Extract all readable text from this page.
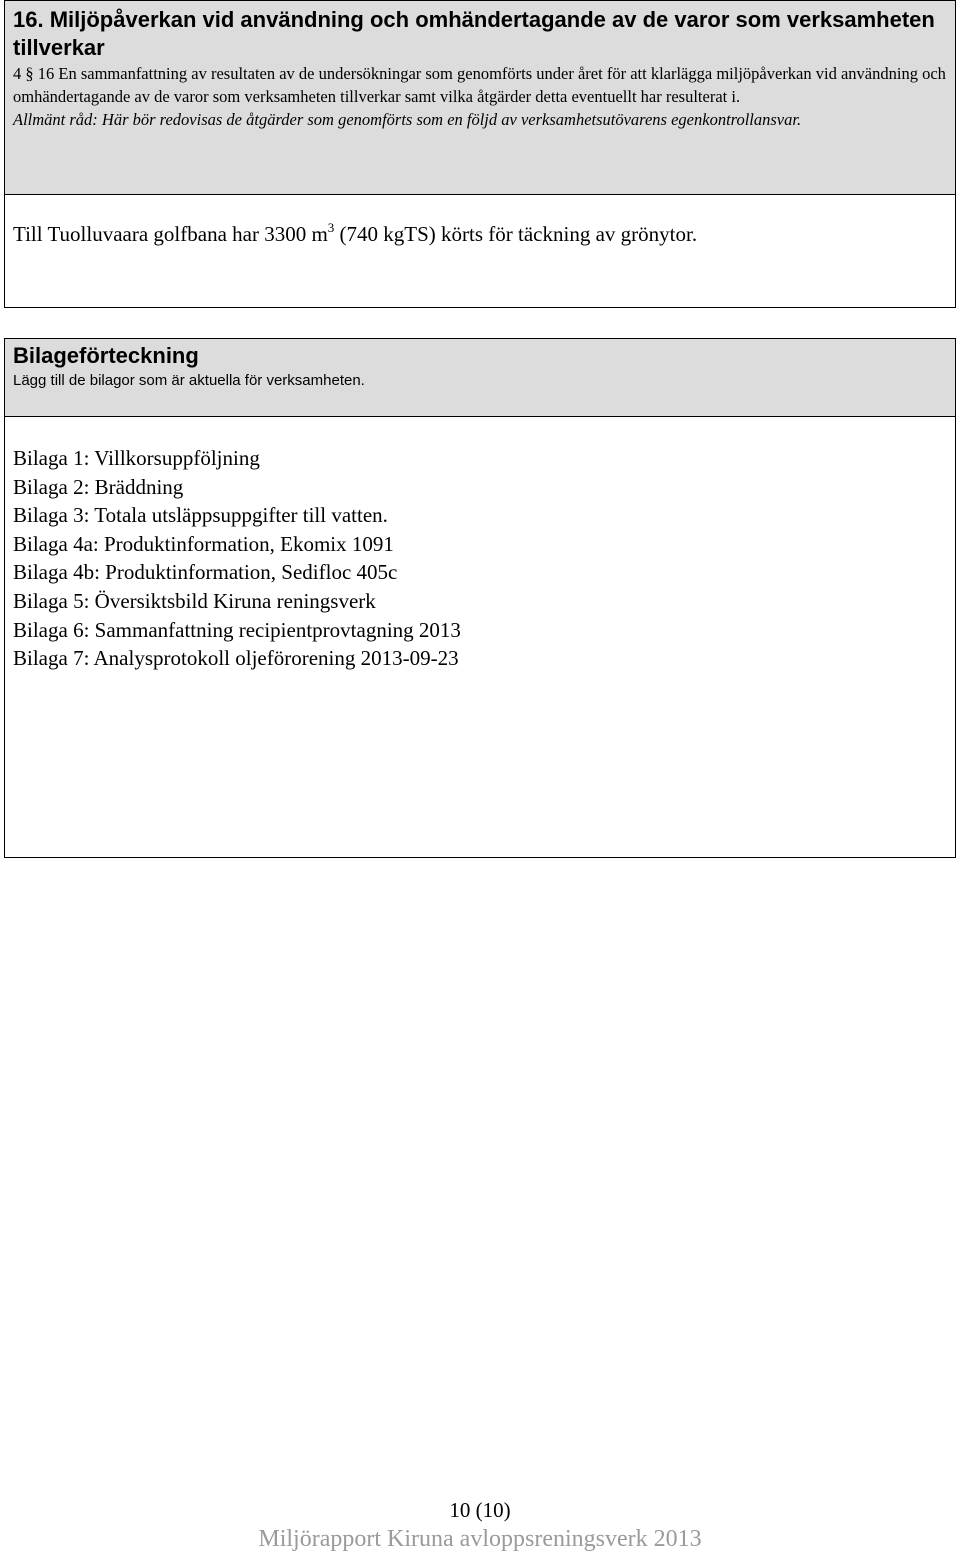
16. Miljöpåverkan vid användning och omhändertagande av de varor som verksamheten tillverkar

4 § 16 En sammanfattning av resultaten av de undersökningar som genomförts under året för att klarlägga miljöpåverkan vid användning och omhändertagande av de varor som verksamheten tillverkar samt vilka åtgärder detta eventuellt har resulterat i.

Allmänt råd: Här bör redovisas de åtgärder som genomförts som en följd av verksamhetsutövarens egenkontrollansvar.

Till Tuolluvaara golfbana har 3300 $m^3$ (740 kgTS) körts för täckning av grönytor.
Bilageförteckning

Lägg till de bilagor som är aktuella för verksamheten.

Bilaga 1: Villkorsuppföljning
Bilaga 2: Bräddning
Bilaga 3: Totala utsläppsuppgifter till vatten.
Bilaga 4a: Produktinformation, Ekomix 1091
Bilaga 4b: Produktinformation, Sedifloc 405c
Bilaga 5: Översiktsbild Kiruna reningsverk
Bilaga 6: Sammanfattning recipientprovtagning 2013
Bilaga 7: Analysprotokoll oljeförorening 2013-09-23
10 (10)
Miljörapport Kiruna avloppsreningsverk 2013
